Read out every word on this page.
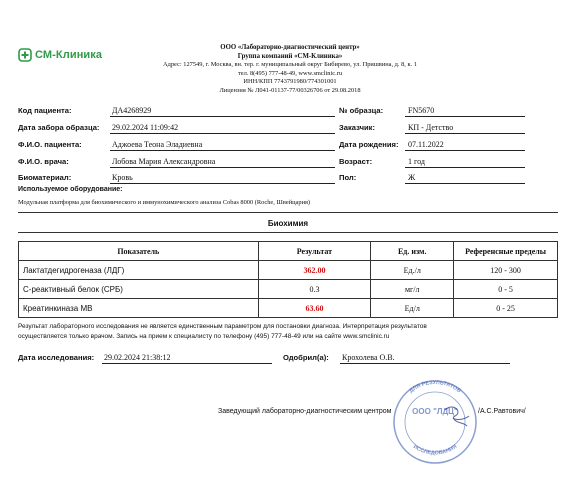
СМ-Клиника
ООО «Лабораторно-диагностический центр»
Группа компаний «СМ-Клиника»
Адрес: 127549, г. Москва, вн. тер. г. муниципальный округ Бибирево, ул. Пришвина, д. 8, к. 1
тел. 8(495) 777-48-49, www.smclinic.ru
ИНН/КПП 7743791980/774301001
Лицензия № Л041-01137-77/00326706 от 29.08.2018
Код пациента:	ДА4268929
Дата забора образца: 29.02.2024 11:09:42
Ф.И.О. пациента:	Аджоева Теона Эладиевна
Ф.И.О. врача:	Лобова Мария Александровна
Биоматериал:	Кровь
№ образца:	FN5670
Заказчик:	КП - Детство
Дата рождения: 07.11.2022
Возраст:	1 год
Пол:	Ж
Используемое оборудование:
Модульная платформа для биохимического и иммунохимического анализа Cobas 8000 (Roche, Швейцария)
Биохимия
Показатель	Результат	Ед. изм.	Референсные пределы
Лактатдегидрогеназа (ЛДГ)	362.00	Ед./л	120 - 300
С-реактивный белок (СРБ)	0.3	мг/л	0 - 5
Креатинкиназа MB	63.60	Ед/л	0 - 25
Результат лабораторного исследования не является единственным параметром для постановки диагноза. Интерпретация результатов
осуществляется только врачом. Запись на прием к специалисту по телефону (495) 777-48-49 или на сайте www.smclinic.ru
Дата исследования: 29.02.2024 21:38:12	Одобрил(а): Крохолева О.В.
ДЛЯ РЕЗУЛЬТАТОВ
ИССЛЕДОВАНИЯ
ООО "ЛДЦ"
Заведующий лабораторно-диагностическим центром	/А.С.Равтович/
